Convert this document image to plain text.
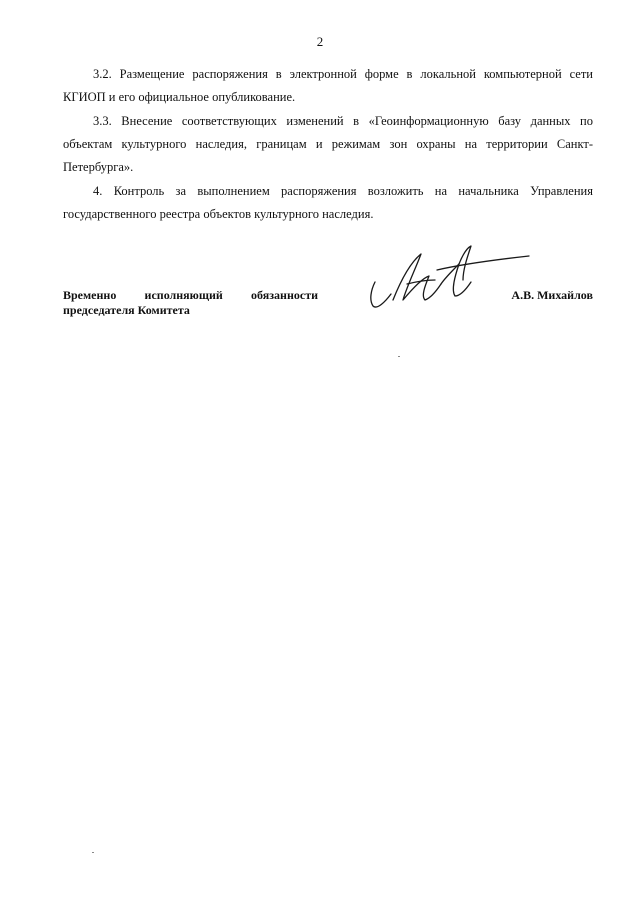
2

3.2. Размещение распоряжения в электронной форме в локальной компьютерной сети КГИОП и его официальное опубликование.

3.3. Внесение соответствующих изменений в «Геоинформационную базу данных по объектам культурного наследия, границам и режимам зон охраны на территории Санкт-Петербурга».

4. Контроль за выполнением распоряжения возложить на начальника Управления государственного реестра объектов культурного наследия.

Временно исполняющий обязанности
председателя Комитета
А.В. Михайлов
